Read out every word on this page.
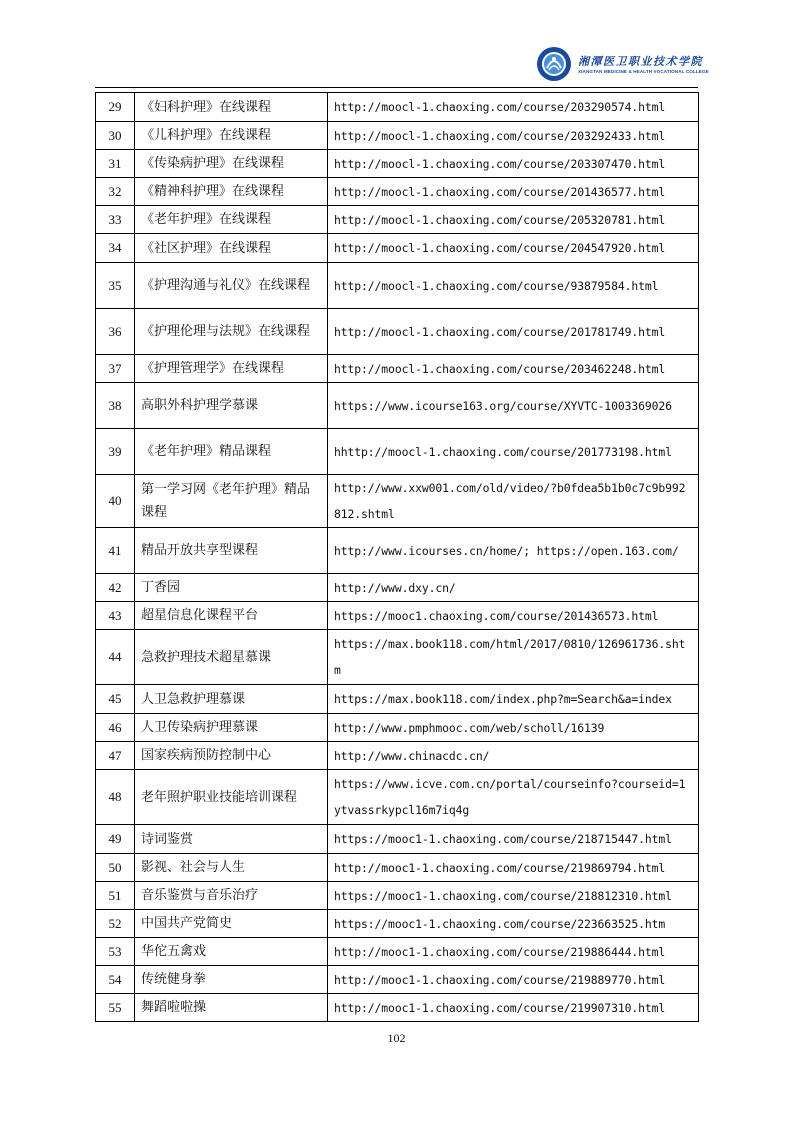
湘潭医卫职业技术学院
XIANGTAN MEDICINE & HEALTH VOCATIONAL COLLEGE
29	《妇科护理》在线课程	http://moocl-1.chaoxing.com/course/203290574.html
30	《儿科护理》在线课程	http://moocl-1.chaoxing.com/course/203292433.html
31	《传染病护理》在线课程	http://moocl-1.chaoxing.com/course/203307470.html
32	《精神科护理》在线课程	http://moocl-1.chaoxing.com/course/201436577.html
33	《老年护理》在线课程	http://moocl-1.chaoxing.com/course/205320781.html
34	《社区护理》在线课程	http://moocl-1.chaoxing.com/course/204547920.html
35	《护理沟通与礼仪》在线课程	http://moocl-1.chaoxing.com/course/93879584.html
36	《护理伦理与法规》在线课程	http://moocl-1.chaoxing.com/course/201781749.html
37	《护理管理学》在线课程	http://moocl-1.chaoxing.com/course/203462248.html
38	高职外科护理学慕课	https://www.icourse163.org/course/XYVTC-1003369026
39	《老年护理》精品课程	hhttp://moocl-1.chaoxing.com/course/201773198.html
40	第一学习网《老年护理》精品课程	http://www.xxw001.com/old/video/?b0fdea5b1b0c7c9b992812.shtml
41	精品开放共享型课程	http://www.icourses.cn/home/; https://open.163.com/
42	丁香园	http://www.dxy.cn/
43	超星信息化课程平台	https://mooc1.chaoxing.com/course/201436573.html
44	急救护理技术超星慕课	https://max.book118.com/html/2017/0810/126961736.shtm
45	人卫急救护理慕课	https://max.book118.com/index.php?m=Search&a=index
46	人卫传染病护理慕课	http://www.pmphmooc.com/web/scholl/16139
47	国家疾病预防控制中心	http://www.chinacdc.cn/
48	老年照护职业技能培训课程	https://www.icve.com.cn/portal/courseinfo?courseid=1ytvassrkypcl16m7iq4g
49	诗词鉴赏	https://mooc1-1.chaoxing.com/course/218715447.html
50	影视、社会与人生	http://mooc1-1.chaoxing.com/course/219869794.html
51	音乐鉴赏与音乐治疗	https://mooc1-1.chaoxing.com/course/218812310.html
52	中国共产党简史	https://mooc1-1.chaoxing.com/course/223663525.htm
53	华佗五禽戏	http://mooc1-1.chaoxing.com/course/219886444.html
54	传统健身拳	http://mooc1-1.chaoxing.com/course/219889770.html
55	舞蹈啦啦操	http://mooc1-1.chaoxing.com/course/219907310.html
102
